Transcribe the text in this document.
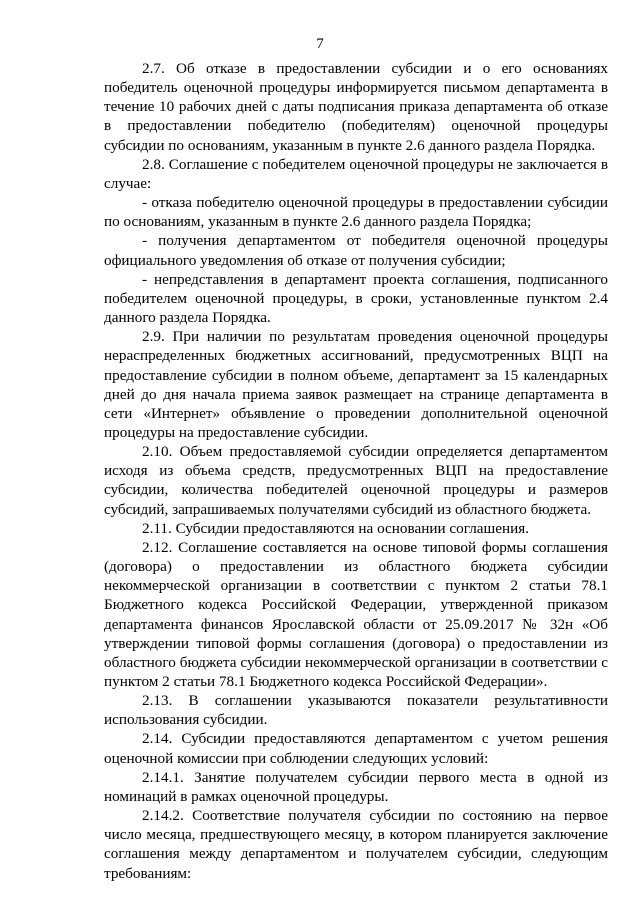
7

2.7. Об отказе в предоставлении субсидии и о его основаниях победитель оценочной процедуры информируется письмом департамента в течение 10 рабочих дней с даты подписания приказа департамента об отказе в предоставлении победителю (победителям) оценочной процедуры субсидии по основаниям, указанным в пункте 2.6 данного раздела Порядка.

2.8. Соглашение с победителем оценочной процедуры не заключается в случае:

- отказа победителю оценочной процедуры в предоставлении субсидии по основаниям, указанным в пункте 2.6 данного раздела Порядка;

- получения департаментом от победителя оценочной процедуры официального уведомления об отказе от получения субсидии;

- непредставления в департамент проекта соглашения, подписанного победителем оценочной процедуры, в сроки, установленные пунктом 2.4 данного раздела Порядка.

2.9. При наличии по результатам проведения оценочной процедуры нераспределенных бюджетных ассигнований, предусмотренных ВЦП на предоставление субсидии в полном объеме, департамент за 15 календарных дней до дня начала приема заявок размещает на странице департамента в сети «Интернет» объявление о проведении дополнительной оценочной процедуры на предоставление субсидии.

2.10. Объем предоставляемой субсидии определяется департаментом исходя из объема средств, предусмотренных ВЦП на предоставление субсидии, количества победителей оценочной процедуры и размеров субсидий, запрашиваемых получателями субсидий из областного бюджета.

2.11. Субсидии предоставляются на основании соглашения.

2.12. Соглашение составляется на основе типовой формы соглашения (договора) о предоставлении из областного бюджета субсидии некоммерческой организации в соответствии с пунктом 2 статьи 78.1 Бюджетного кодекса Российской Федерации, утвержденной приказом департамента финансов Ярославской области от 25.09.2017 № 32н «Об утверждении типовой формы соглашения (договора) о предоставлении из областного бюджета субсидии некоммерческой организации в соответствии с пунктом 2 статьи 78.1 Бюджетного кодекса Российской Федерации».

2.13. В соглашении указываются показатели результативности использования субсидии.

2.14. Субсидии предоставляются департаментом с учетом решения оценочной комиссии при соблюдении следующих условий:

2.14.1. Занятие получателем субсидии первого места в одной из номинаций в рамках оценочной процедуры.

2.14.2. Соответствие получателя субсидии по состоянию на первое число месяца, предшествующего месяцу, в котором планируется заключение соглашения между департаментом и получателем субсидии, следующим требованиям:
